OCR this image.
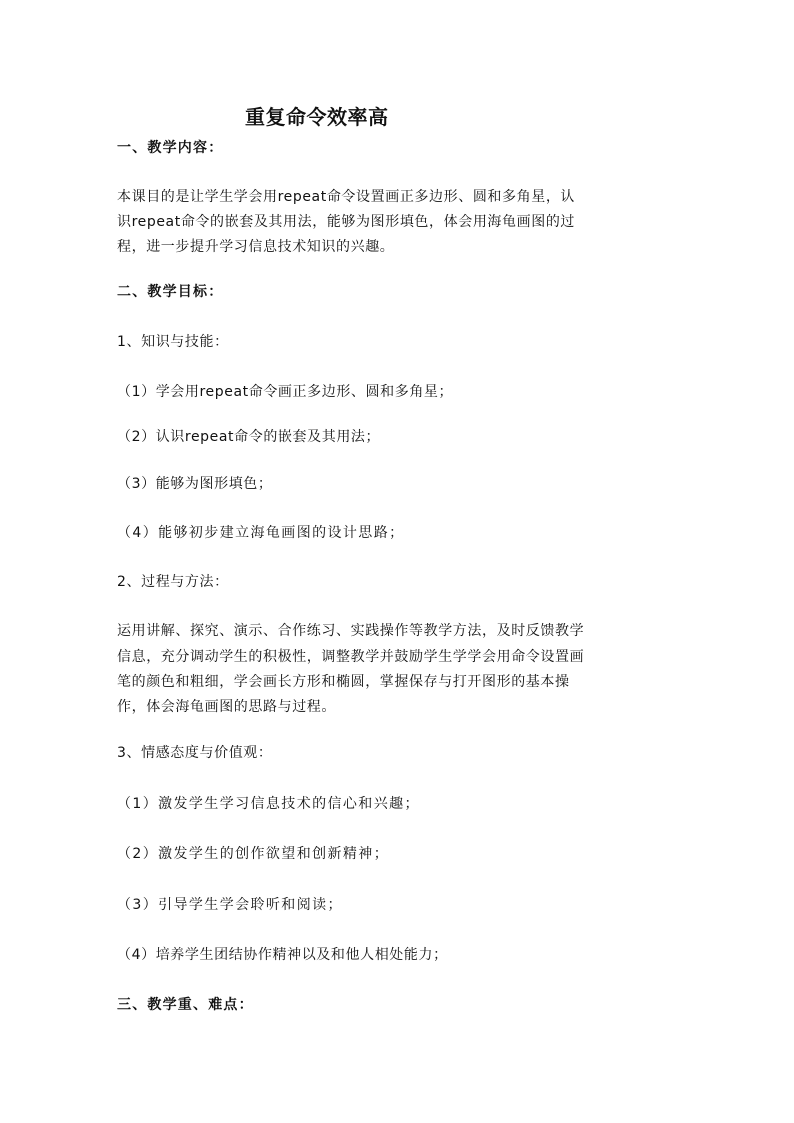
重复命令效率高
一、教学内容：
本课目的是让学生学会用repeat命令设置画正多边形、圆和多角星，认
识repeat命令的嵌套及其用法，能够为图形填色，体会用海龟画图的过
程，进一步提升学习信息技术知识的兴趣。
二、教学目标：
1、知识与技能：
（1）学会用repeat命令画正多边形、圆和多角星；
（2）认识repeat命令的嵌套及其用法；
（3）能够为图形填色；
（4）能够初步建立海龟画图的设计思路；
2、过程与方法：
运用讲解、探究、演示、合作练习、实践操作等教学方法，及时反馈教学
信息，充分调动学生的积极性，调整教学并鼓励学生学学会用命令设置画
笔的颜色和粗细，学会画长方形和椭圆，掌握保存与打开图形的基本操
作，体会海龟画图的思路与过程。
3、情感态度与价值观：
（1）激发学生学习信息技术的信心和兴趣；
（2）激发学生的创作欲望和创新精神；
（3）引导学生学会聆听和阅读；
（4）培养学生团结协作精神以及和他人相处能力；
三、教学重、难点：
